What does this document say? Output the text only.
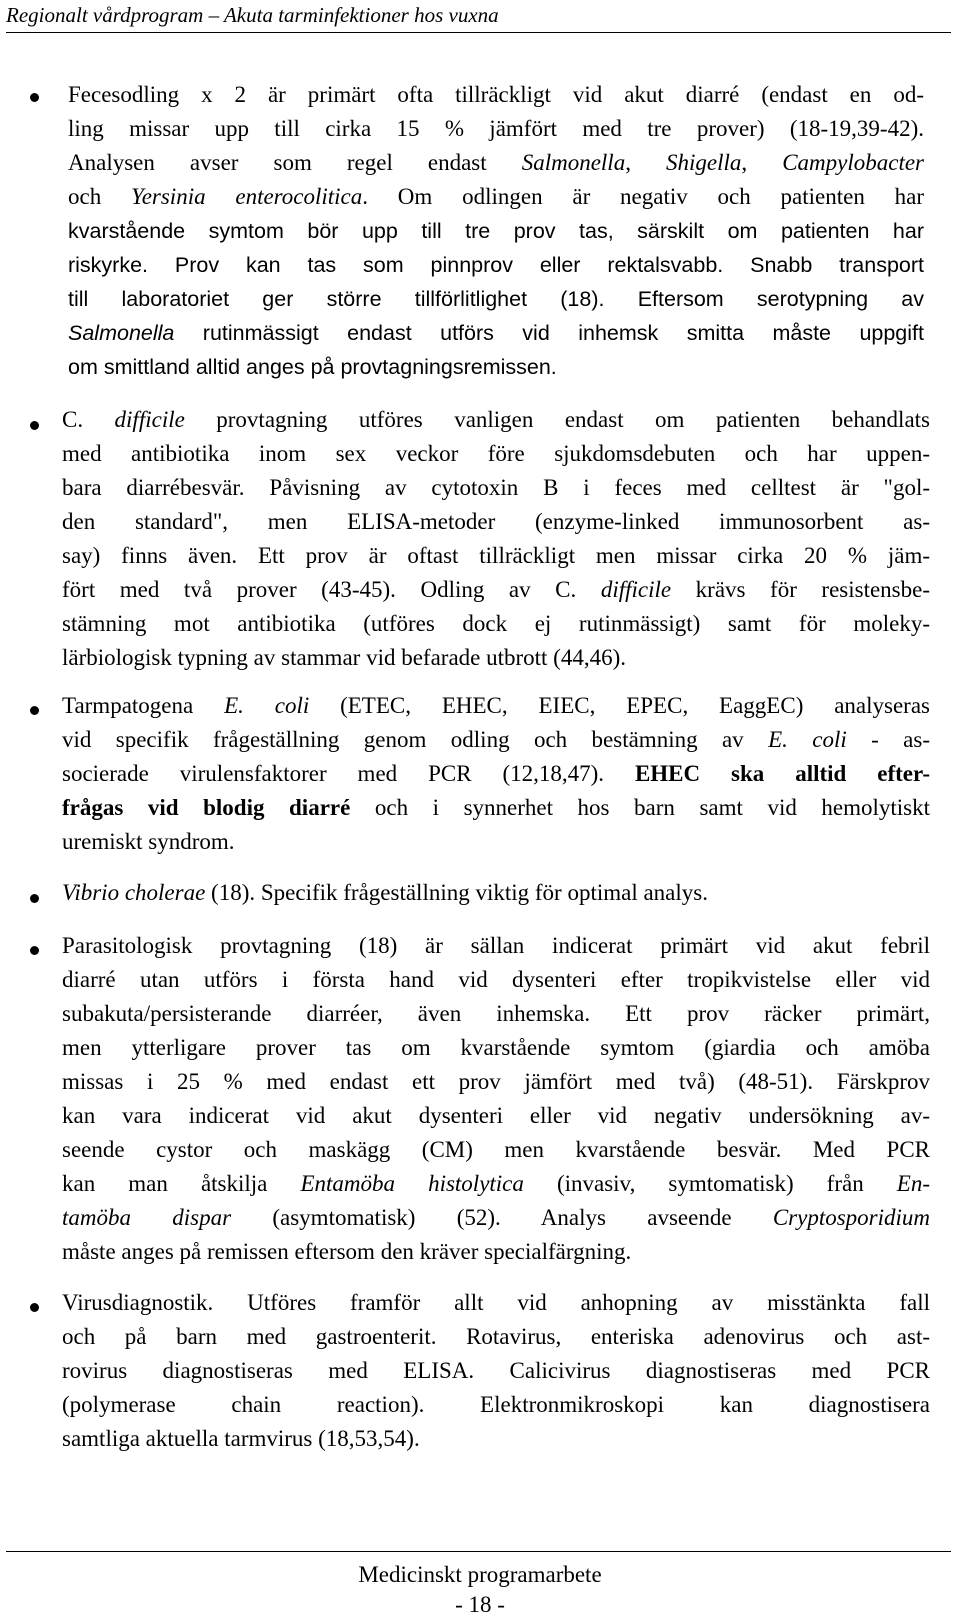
Regionalt vårdprogram – Akuta tarminfektioner hos vuxna
Fecesodling x 2 är primärt ofta tillräckligt vid akut diarré (endast en od-
ling missar upp till cirka 15 % jämfört med tre prover) (18-19,39-42).
Analysen avser som regel endast Salmonella, Shigella, Campylobacter
och Yersinia enterocolitica. Om odlingen är negativ och patienten har
kvarstående symtom bör upp till tre prov tas, särskilt om patienten har
riskyrke. Prov kan tas som pinnprov eller rektalsvabb. Snabb transport
till laboratoriet ger större tillförlitlighet (18). Eftersom serotypning av
Salmonella rutinmässigt endast utförs vid inhemsk smitta måste uppgift
om smittland alltid anges på provtagningsremissen.
C. difficile provtagning utföres vanligen endast om patienten behandlats
med antibiotika inom sex veckor före sjukdomsdebuten och har uppen-
bara diarrébesvär. Påvisning av cytotoxin B i feces med celltest är "gol-
den standard", men ELISA-metoder (enzyme-linked immunosorbent as-
say) finns även. Ett prov är oftast tillräckligt men missar cirka 20 % jäm-
fört med två prover (43-45). Odling av C. difficile krävs för resistensbe-
stämning mot antibiotika (utföres dock ej rutinmässigt) samt för moleky-
lärbiologisk typning av stammar vid befarade utbrott (44,46).
Tarmpatogena E. coli (ETEC, EHEC, EIEC, EPEC, EaggEC) analyseras
vid specifik frågeställning genom odling och bestämning av E. coli - as-
socierade virulensfaktorer med PCR (12,18,47). EHEC ska alltid efter-
frågas vid blodig diarré och i synnerhet hos barn samt vid hemolytiskt
uremiskt syndrom.
Vibrio cholerae (18). Specifik frågeställning viktig för optimal analys.
Parasitologisk provtagning (18) är sällan indicerat primärt vid akut febril
diarré utan utförs i första hand vid dysenteri efter tropikvistelse eller vid
subakuta/persisterande diarréer, även inhemska. Ett prov räcker primärt,
men ytterligare prover tas om kvarstående symtom (giardia och amöba
missas i 25 % med endast ett prov jämfört med två) (48-51). Färskprov
kan vara indicerat vid akut dysenteri eller vid negativ undersökning av-
seende cystor och maskägg (CM) men kvarstående besvär. Med PCR
kan man åtskilja Entamöba histolytica (invasiv, symtomatisk) från En-
tamöba dispar (asymtomatisk) (52). Analys avseende Cryptosporidium
måste anges på remissen eftersom den kräver specialfärgning.
Virusdiagnostik. Utföres framför allt vid anhopning av misstänkta fall
och på barn med gastroenterit. Rotavirus, enteriska adenovirus och ast-
rovirus diagnostiseras med ELISA. Calicivirus diagnostiseras med PCR
(polymerase chain reaction). Elektronmikroskopi kan diagnostisera
samtliga aktuella tarmvirus (18,53,54).
Medicinskt programarbete
- 18 -
